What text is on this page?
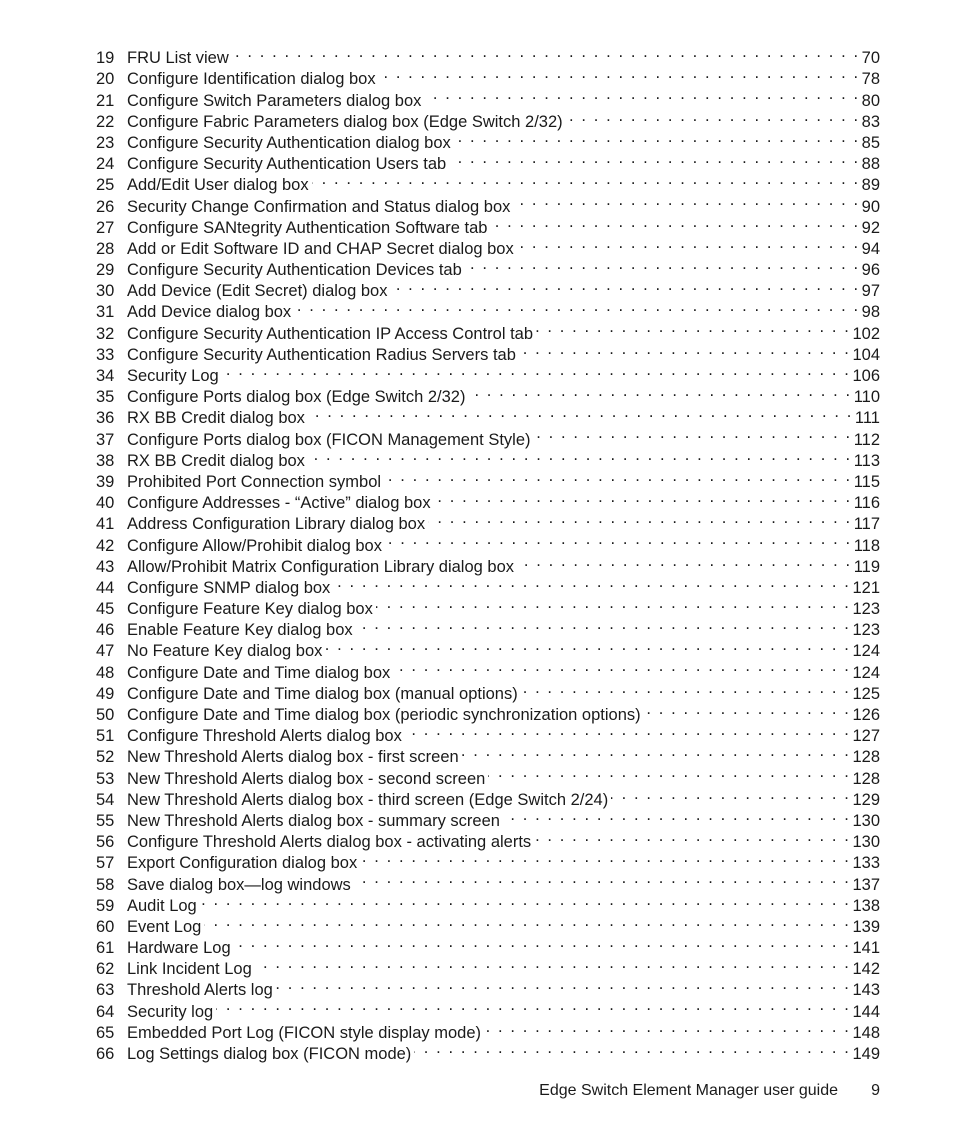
19 FRU List view . . .	70
20 Configure Identification dialog box . . .	78
21 Configure Switch Parameters dialog box . . .	80
22 Configure Fabric Parameters dialog box (Edge Switch 2/32) . . .	83
23 Configure Security Authentication dialog box . . .	85
24 Configure Security Authentication Users tab . . .	88
25 Add/Edit User dialog box . . .	89
26 Security Change Confirmation and Status dialog box . . .	90
27 Configure SANtegrity Authentication Software tab . . .	92
28 Add or Edit Software ID and CHAP Secret dialog box . . .	94
29 Configure Security Authentication Devices tab . . .	96
30 Add Device (Edit Secret) dialog box . . .	97
31 Add Device dialog box . . .	98
32 Configure Security Authentication IP Access Control tab . . .	102
33 Configure Security Authentication Radius Servers tab . . .	104
34 Security Log . . .	106
35 Configure Ports dialog box (Edge Switch 2/32) . . .	110
36 RX BB Credit dialog box . . .	111
37 Configure Ports dialog box (FICON Management Style) . . .	112
38 RX BB Credit dialog box . . .	113
39 Prohibited Port Connection symbol . . .	115
40 Configure Addresses - “Active” dialog box . . .	116
41 Address Configuration Library dialog box . . .	117
42 Configure Allow/Prohibit dialog box . . .	118
43 Allow/Prohibit Matrix Configuration Library dialog box . . .	119
44 Configure SNMP dialog box . . .	121
45 Configure Feature Key dialog box . . .	123
46 Enable Feature Key dialog box . . .	123
47 No Feature Key dialog box . . .	124
48 Configure Date and Time dialog box . . .	124
49 Configure Date and Time dialog box (manual options) . . .	125
50 Configure Date and Time dialog box (periodic synchronization options) . . .	126
51 Configure Threshold Alerts dialog box . . .	127
52 New Threshold Alerts dialog box - first screen . . .	128
53 New Threshold Alerts dialog box - second screen . . .	128
54 New Threshold Alerts dialog box - third screen (Edge Switch 2/24) . . .	129
55 New Threshold Alerts dialog box - summary screen . . .	130
56 Configure Threshold Alerts dialog box - activating alerts . . .	130
57 Export Configuration dialog box . . .	133
58 Save dialog box—log windows . . .	137
59 Audit Log . . .	138
60 Event Log . . .	139
61 Hardware Log . . .	141
62 Link Incident Log . . .	142
63 Threshold Alerts log . . .	143
64 Security log . . .	144
65 Embedded Port Log (FICON style display mode) . . .	148
66 Log Settings dialog box (FICON mode) . . .	149
Edge Switch Element Manager user guide 9
